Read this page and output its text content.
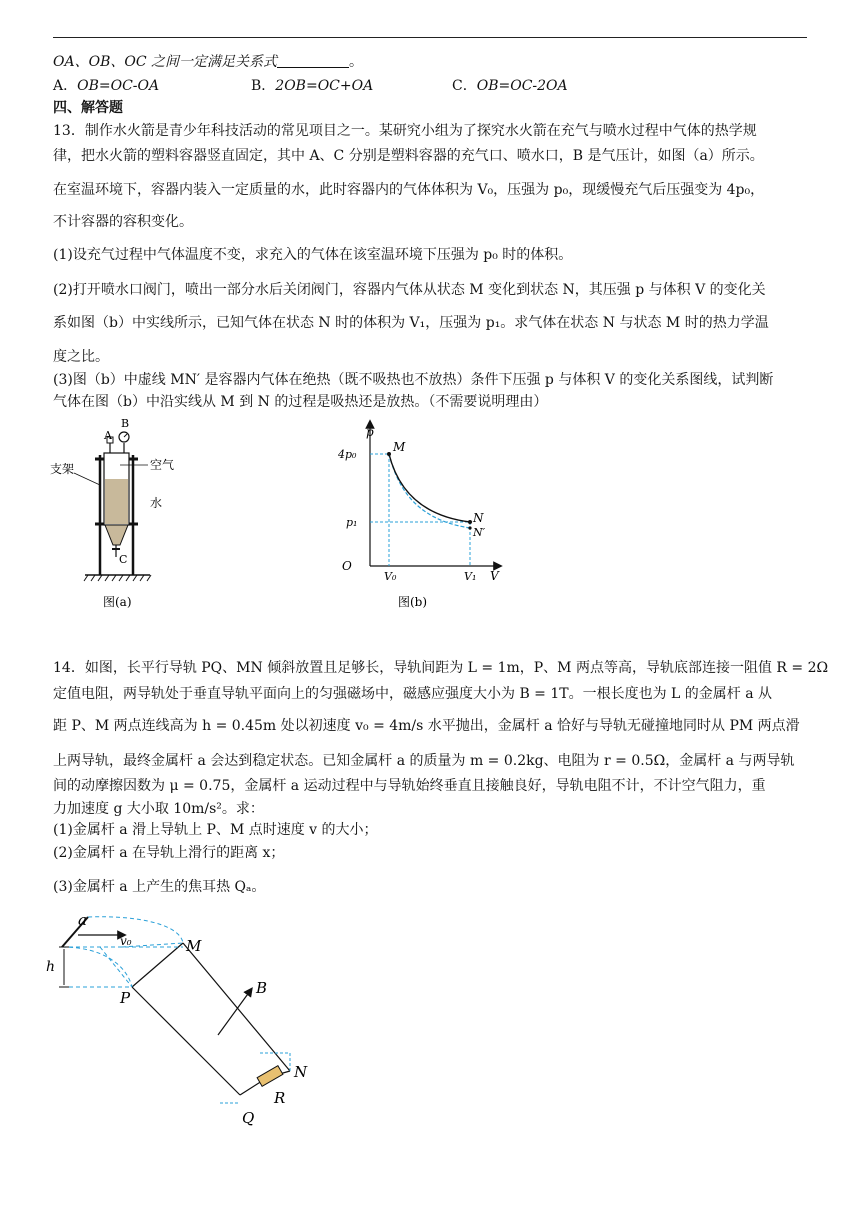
OA、OB、OC 之间一定满足关系式	。
A．OB=OC-OA	B．2OB=OC+OA	C．OB=OC-2OA
四、解答题
13．制作水火箭是青少年科技活动的常见项目之一。某研究小组为了探究水火箭在充气与喷水过程中气体的热学规
律，把水火箭的塑料容器竖直固定，其中 A、C 分别是塑料容器的充气口、喷水口，B 是气压计，如图（a）所示。
在室温环境下，容器内装入一定质量的水，此时容器内的气体体积为 V₀，压强为 p₀，现缓慢充气后压强变为 4p₀，
不计容器的容积变化。
(1)设充气过程中气体温度不变，求充入的气体在该室温环境下压强为 p₀ 时的体积。
(2)打开喷水口阀门，喷出一部分水后关闭阀门，容器内气体从状态 M 变化到状态 N，其压强 p 与体积 V 的变化关
系如图（b）中实线所示，已知气体在状态 N 时的体积为 V₁，压强为 p₁。求气体在状态 N 与状态 M 时的热力学温
度之比。
(3)图（b）中虚线 MN′ 是容器内气体在绝热（既不吸热也不放热）条件下压强 p 与体积 V 的变化关系图线，试判断
气体在图（b）中沿实线从 M 到 N 的过程是吸热还是放热。（不需要说明理由）
A
B
C
支架	空气
水
图(a)
p
V
O
4p₀
p₁
V₀	V₁
M
N
N′
图(b)
14．如图，长平行导轨 PQ、MN 倾斜放置且足够长，导轨间距为 L = 1m，P、M 两点等高，导轨底部连接一阻值 R = 2Ω
定值电阻，两导轨处于垂直导轨平面向上的匀强磁场中，磁感应强度大小为 B = 1T。一根长度也为 L 的金属杆 a 从
距 P、M 两点连线高为 h = 0.45m 处以初速度 v₀ = 4m/s 水平抛出，金属杆 a 恰好与导轨无碰撞地同时从 PM 两点滑
上两导轨，最终金属杆 a 会达到稳定状态。已知金属杆 a 的质量为 m = 0.2kg、电阻为 r = 0.5Ω，金属杆 a 与两导轨
间的动摩擦因数为 μ = 0.75，金属杆 a 运动过程中与导轨始终垂直且接触良好，导轨电阻不计，不计空气阻力，重
力加速度 g 大小取 10m/s²。求：
(1)金属杆 a 滑上导轨上 P、M 点时速度 v 的大小；
(2)金属杆 a 在导轨上滑行的距离 x；
(3)金属杆 a 上产生的焦耳热 Qₐ。
a
v₀
h
M
P
B
N
R
Q
